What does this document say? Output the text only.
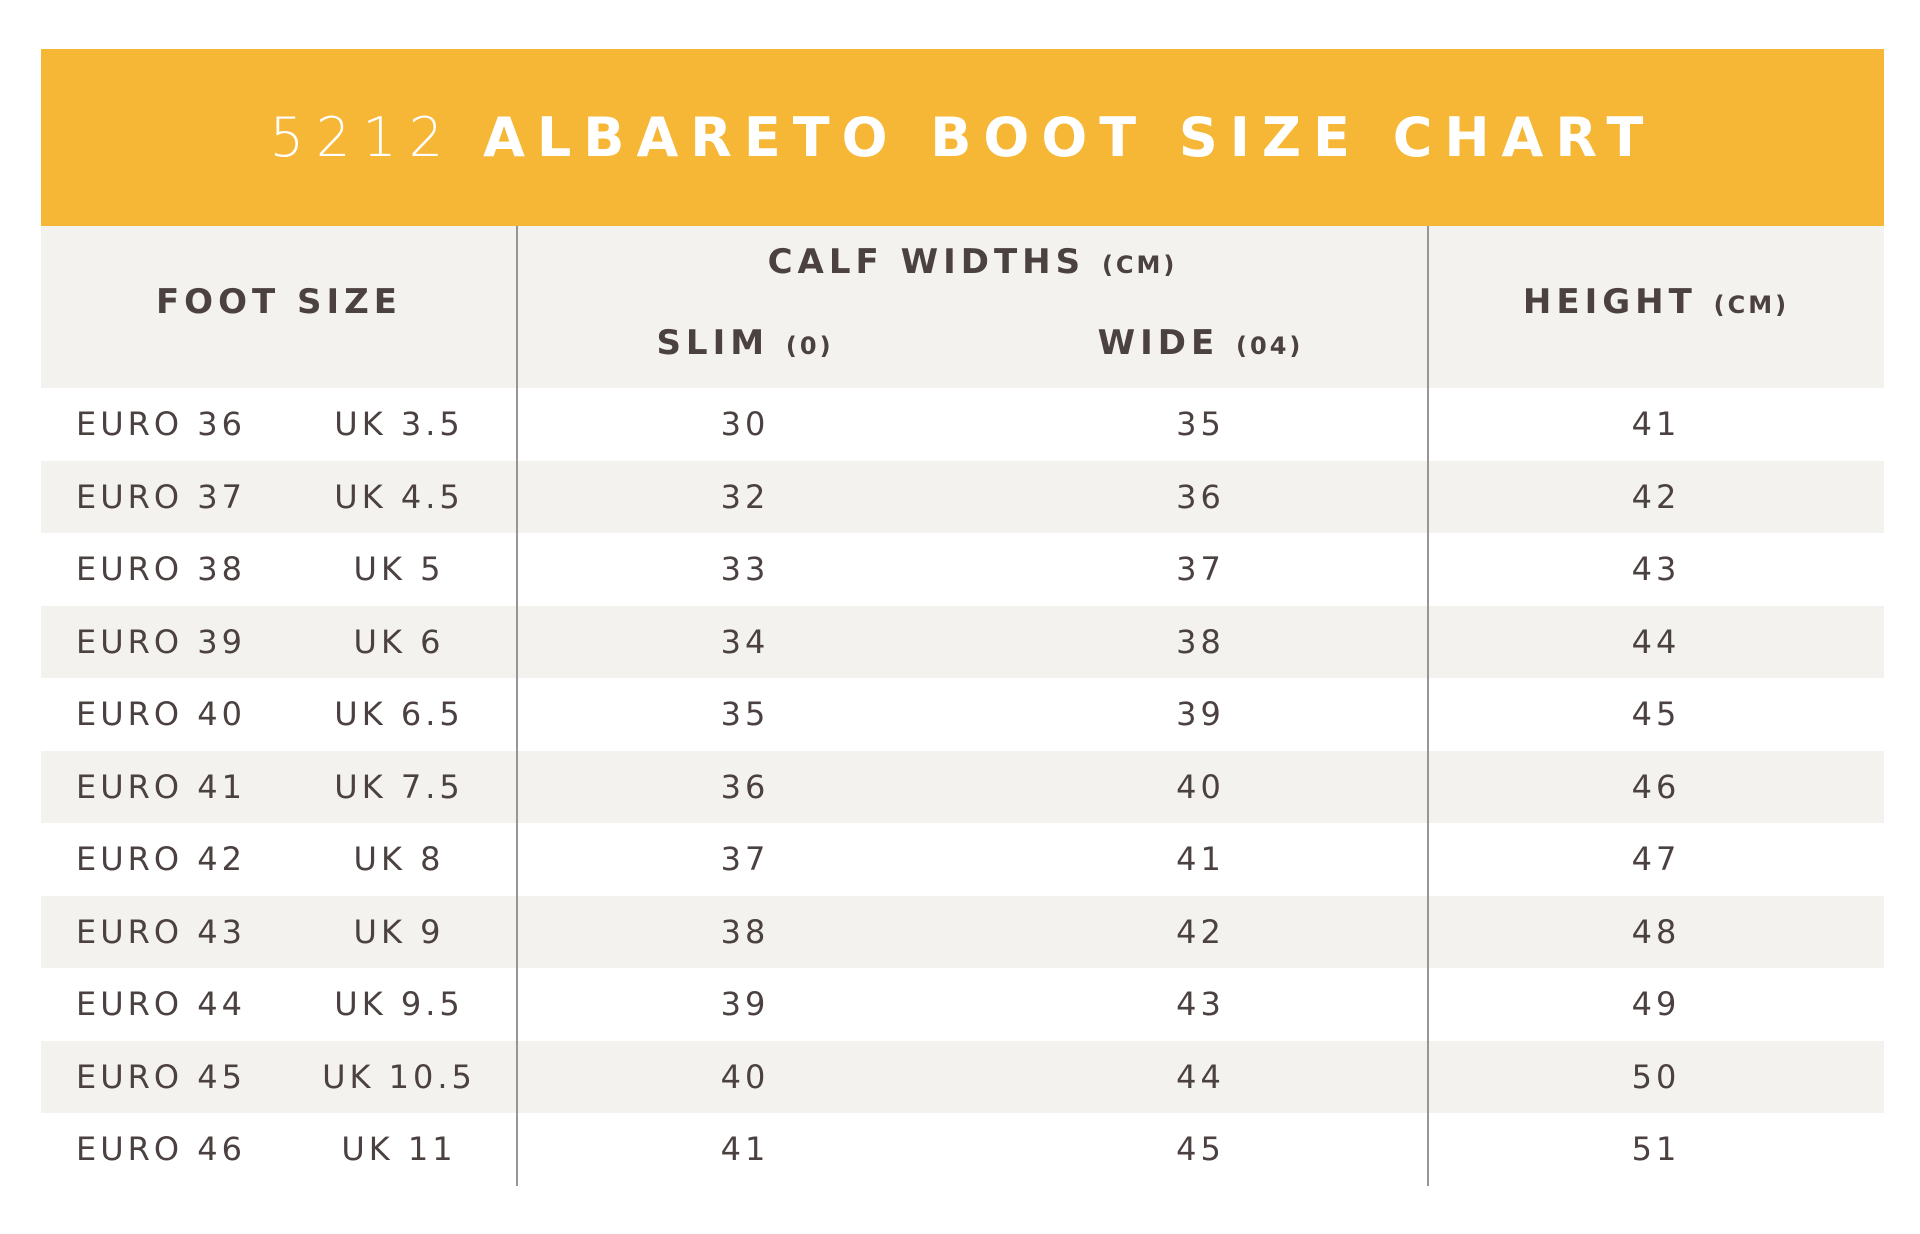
5212 ALBARETO BOOT SIZE CHART
FOOT SIZE
CALF WIDTHS (CM)
SLIM (0)	WIDE (04)
HEIGHT (CM)
EURO 36	UK 3.5	30	35	41
EURO 37	UK 4.5	32	36	42
EURO 38	UK 5	33	37	43
EURO 39	UK 6	34	38	44
EURO 40	UK 6.5	35	39	45
EURO 41	UK 7.5	36	40	46
EURO 42	UK 8	37	41	47
EURO 43	UK 9	38	42	48
EURO 44	UK 9.5	39	43	49
EURO 45	UK 10.5	40	44	50
EURO 46	UK 11	41	45	51
